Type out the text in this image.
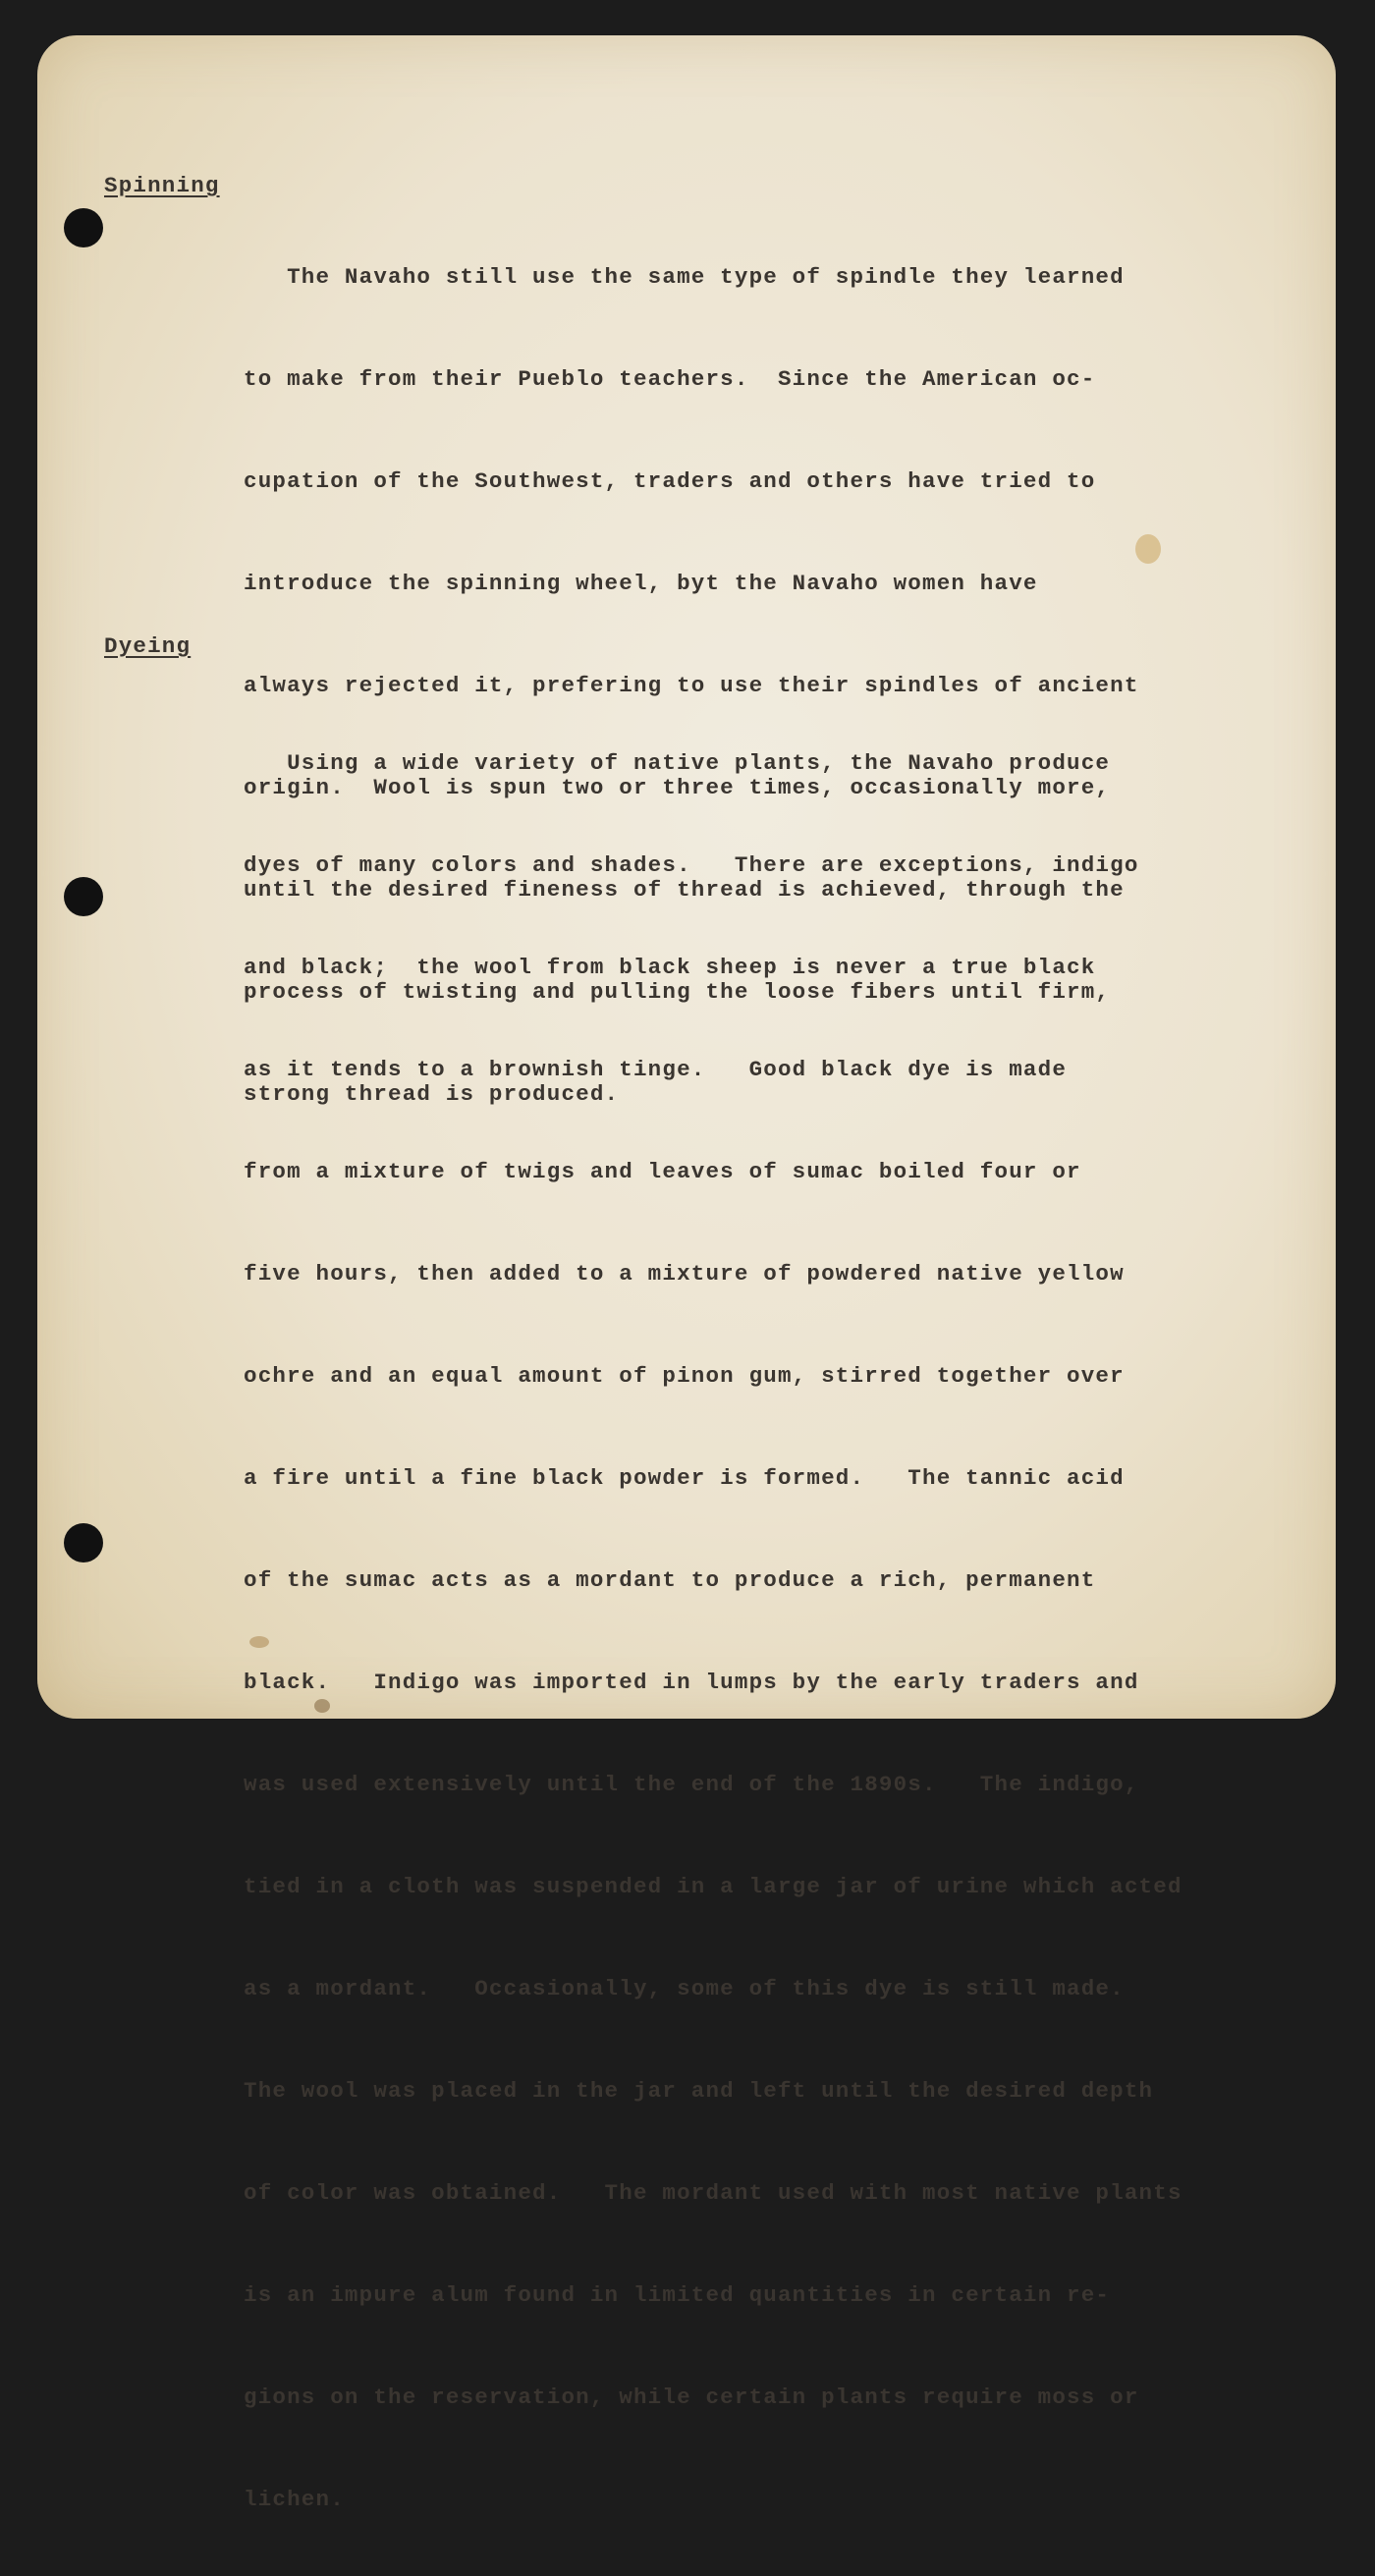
Spinning

The Navaho still use the same type of spindle they learned

to make from their Pueblo teachers.  Since the American oc-

cupation of the Southwest, traders and others have tried to

introduce the spinning wheel, byt the Navaho women have

always rejected it, prefering to use their spindles of ancient

origin.  Wool is spun two or three times, occasionally more,

until the desired fineness of thread is achieved, through the

process of twisting and pulling the loose fibers until firm,

strong thread is produced.

Dyeing

Using a wide variety of native plants, the Navaho produce

dyes of many colors and shades.   There are exceptions, indigo

and black;  the wool from black sheep is never a true black

as it tends to a brownish tinge.   Good black dye is made

from a mixture of twigs and leaves of sumac boiled four or

five hours, then added to a mixture of powdered native yellow

ochre and an equal amount of pinon gum, stirred together over

a fire until a fine black powder is formed.   The tannic acid

of the sumac acts as a mordant to produce a rich, permanent

black.   Indigo was imported in lumps by the early traders and

was used extensively until the end of the 1890s.   The indigo,

tied in a cloth was suspended in a large jar of urine which acted

as a mordant.   Occasionally, some of this dye is still made.

The wool was placed in the jar and left until the desired depth

of color was obtained.   The mordant used with most native plants

is an impure alum found in limited quantities in certain re-

gions on the reservation, while certain plants require moss or

lichen.
